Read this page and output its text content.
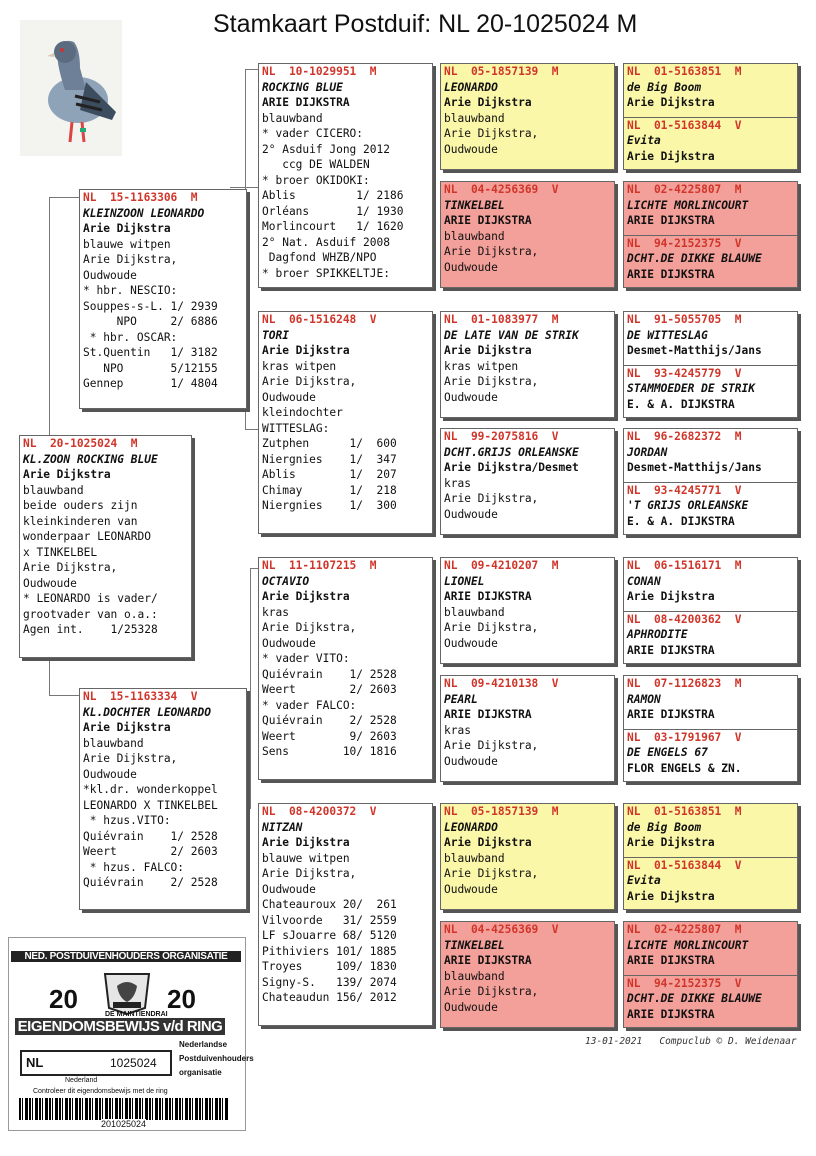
Stamkaart Postduif: NL 20-1025024 M
NL  20-1025024  M
KL.ZOON ROCKING BLUE
Arie Dijkstra
blauwband
beide ouders zijn
kleinkinderen van
wonderpaar LEONARDO
x TINKELBEL
Arie Dijkstra,
Oudwoude
* LEONARDO is vader/
grootvader van o.a.:
Agen int.    1/25328
NL  15-1163306  M
KLEINZOON LEONARDO
Arie Dijkstra
blauwe witpen
Arie Dijkstra,
Oudwoude
* hbr. NESCIO:
Souppes-s-L. 1/ 2939
NPO     2/ 6886
* hbr. OSCAR:
St.Quentin   1/ 3182
NPO       5/12155
Gennep       1/ 4804
NL  15-1163334  V
KL.DOCHTER LEONARDO
Arie Dijkstra
blauwband
Arie Dijkstra,
Oudwoude
*kl.dr. wonderkoppel
LEONARDO X TINKELBEL
* hzus.VITO:
Quiévrain    1/ 2528
Weert        2/ 2603
* hzus. FALCO:
Quiévrain    2/ 2528
NL  10-1029951  M
ROCKING BLUE
ARIE DIJKSTRA
blauwband
* vader CICERO:
2° Asduif Jong 2012
ccg DE WALDEN
* broer OKIDOKI:
Ablis         1/ 2186
Orléans       1/ 1930
Morlincourt   1/ 1620
2° Nat. Asduif 2008
Dagfond WHZB/NPO
* broer SPIKKELTJE:
NL  06-1516248  V
TORI
Arie Dijkstra
kras witpen
Arie Dijkstra,
Oudwoude
kleindochter
WITTESLAG:
Zutphen      1/  600
Niergnies    1/  347
Ablis        1/  207
Chimay       1/  218
Niergnies    1/  300
NL  11-1107215  M
OCTAVIO
Arie Dijkstra
kras
Arie Dijkstra,
Oudwoude
* vader VITO:
Quiévrain    1/ 2528
Weert        2/ 2603
* vader FALCO:
Quiévrain    2/ 2528
Weert        9/ 2603
Sens        10/ 1816
NL  08-4200372  V
NITZAN
Arie Dijkstra
blauwe witpen
Arie Dijkstra,
Oudwoude
Chateauroux 20/  261
Vilvoorde   31/ 2559
LF sJouarre 68/ 5120
Pithiviers 101/ 1885
Troyes     109/ 1830
Signy-S.   139/ 2074
Chateaudun 156/ 2012
NL  05-1857139  M
LEONARDO
Arie Dijkstra
blauwband
Arie Dijkstra,
Oudwoude
NL  04-4256369  V
TINKELBEL
ARIE DIJKSTRA
blauwband
Arie Dijkstra,
Oudwoude
NL  01-1083977  M
DE LATE VAN DE STRIK
Arie Dijkstra
kras witpen
Arie Dijkstra,
Oudwoude
NL  99-2075816  V
DCHT.GRIJS ORLEANSKE
Arie Dijkstra/Desmet
kras
Arie Dijkstra,
Oudwoude
NL  09-4210207  M
LIONEL
ARIE DIJKSTRA
blauwband
Arie Dijkstra,
Oudwoude
NL  09-4210138  V
PEARL
ARIE DIJKSTRA
kras
Arie Dijkstra,
Oudwoude
NL  05-1857139  M
LEONARDO
Arie Dijkstra
blauwband
Arie Dijkstra,
Oudwoude
NL  04-4256369  V
TINKELBEL
ARIE DIJKSTRA
blauwband
Arie Dijkstra,
Oudwoude
NL  01-5163851  M
de Big Boom
Arie Dijkstra
NL  01-5163844  V
Evita
Arie Dijkstra
NL  02-4225807  M
LICHTE MORLINCOURT
ARIE DIJKSTRA
NL  94-2152375  V
DCHT.DE DIKKE BLAUWE
ARIE DIJKSTRA
NL  91-5055705  M
DE WITTESLAG
Desmet-Matthijs/Jans
NL  93-4245779  V
STAMMOEDER DE STRIK
E. & A. DIJKSTRA
NL  96-2682372  M
JORDAN
Desmet-Matthijs/Jans
NL  93-4245771  V
'T GRIJS ORLEANSKE
E. & A. DIJKSTRA
NL  06-1516171  M
CONAN
Arie Dijkstra
NL  08-4200362  V
APHRODITE
ARIE DIJKSTRA
NL  07-1126823  M
RAMON
ARIE DIJKSTRA
NL  03-1791967  V
DE ENGELS 67
FLOR ENGELS & ZN.
NL  01-5163851  M
de Big Boom
Arie Dijkstra
NL  01-5163844  V
Evita
Arie Dijkstra
NL  02-4225807  M
LICHTE MORLINCOURT
ARIE DIJKSTRA
NL  94-2152375  V
DCHT.DE DIKKE BLAUWE
ARIE DIJKSTRA
13-01-2021   Compuclub © D. Weidenaar
NED. POSTDUIVENHOUDERS ORGANISATIE
20	20
DE MAINTIENDRAI
EIGENDOMSBEWIJS v/d RING
NL	1025024
Nederlandse
Postduivenhouders
organisatie
Nederland
Controleer dit eigendomsbewijs met de ring
201025024
